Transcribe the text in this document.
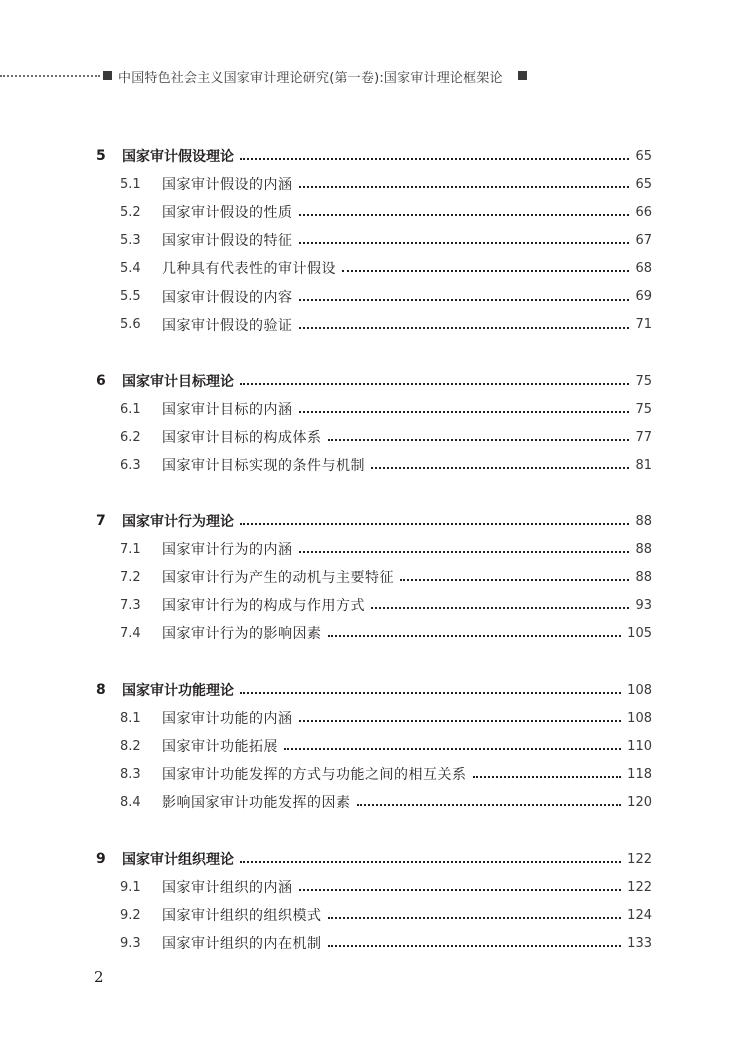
中国特色社会主义国家审计理论研究(第一卷):国家审计理论框架论
5	国家审计假设理论	65
5.1	国家审计假设的内涵	65
5.2	国家审计假设的性质	66
5.3	国家审计假设的特征	67
5.4	几种具有代表性的审计假设	68
5.5	国家审计假设的内容	69
5.6	国家审计假设的验证	71
6	国家审计目标理论	75
6.1	国家审计目标的内涵	75
6.2	国家审计目标的构成体系	77
6.3	国家审计目标实现的条件与机制	81
7	国家审计行为理论	88
7.1	国家审计行为的内涵	88
7.2	国家审计行为产生的动机与主要特征	88
7.3	国家审计行为的构成与作用方式	93
7.4	国家审计行为的影响因素	105
8	国家审计功能理论	108
8.1	国家审计功能的内涵	108
8.2	国家审计功能拓展	110
8.3	国家审计功能发挥的方式与功能之间的相互关系	118
8.4	影响国家审计功能发挥的因素	120
9	国家审计组织理论	122
9.1	国家审计组织的内涵	122
9.2	国家审计组织的组织模式	124
9.3	国家审计组织的内在机制	133
2
